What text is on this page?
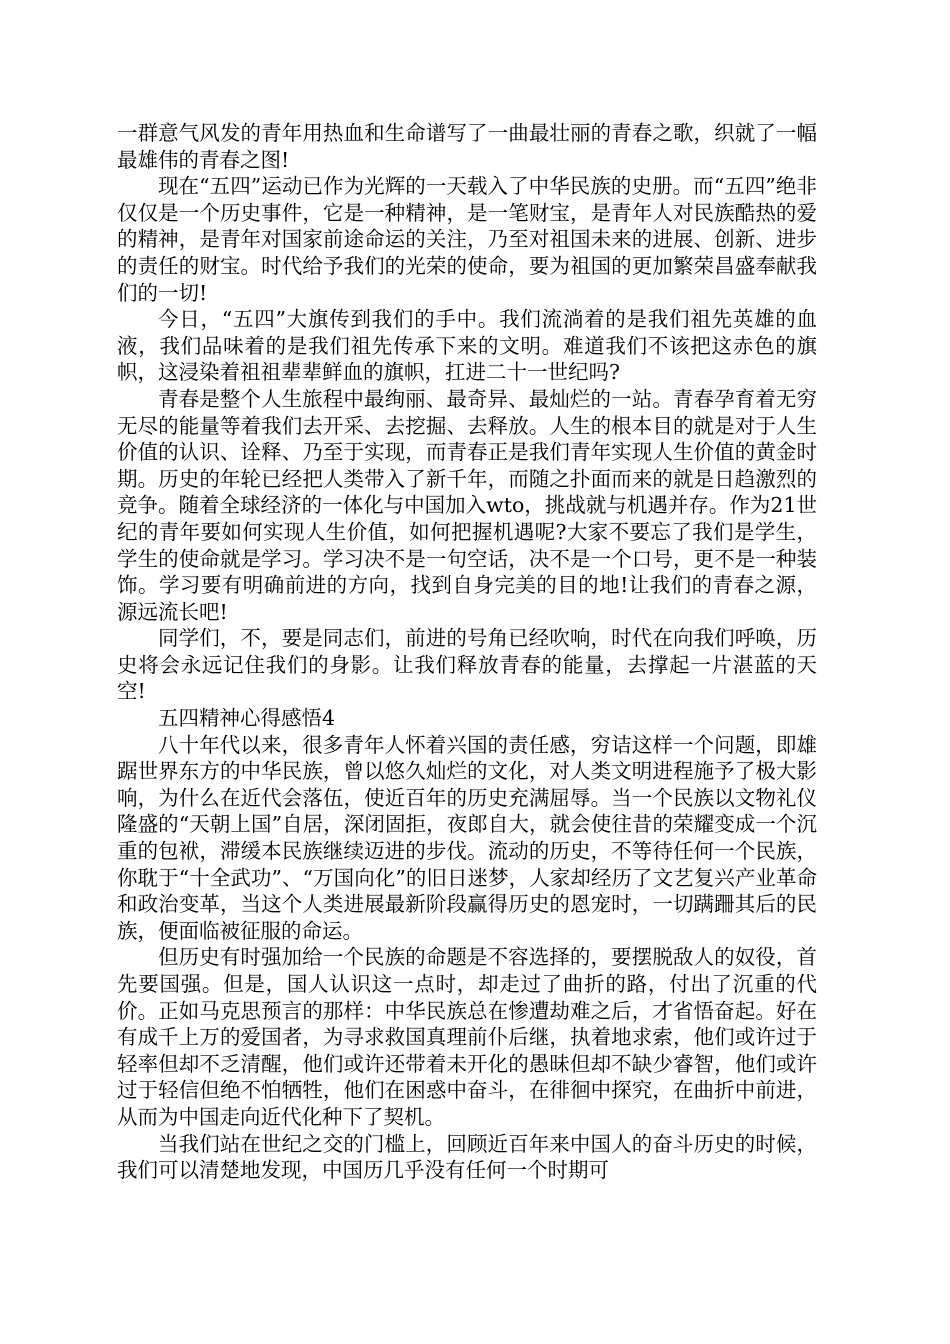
一群意气风发的青年用热血和生命谱写了一曲最壮丽的青春之歌，织就了一幅最雄伟的青春之图!

现在“五四”运动已作为光辉的一天载入了中华民族的史册。而“五四”绝非仅仅是一个历史事件，它是一种精神，是一笔财宝，是青年人对民族酷热的爱的精神，是青年对国家前途命运的关注，乃至对祖国未来的进展、创新、进步的责任的财宝。时代给予我们的光荣的使命，要为祖国的更加繁荣昌盛奉献我们的一切!

今日，“五四”大旗传到我们的手中。我们流淌着的是我们祖先英雄的血液，我们品味着的是我们祖先传承下来的文明。难道我们不该把这赤色的旗帜，这浸染着祖祖辈辈鲜血的旗帜，扛进二十一世纪吗?

青春是整个人生旅程中最绚丽、最奇异、最灿烂的一站。青春孕育着无穷无尽的能量等着我们去开采、去挖掘、去释放。人生的根本目的就是对于人生价值的认识、诠释、乃至于实现，而青春正是我们青年实现人生价值的黄金时期。历史的年轮已经把人类带入了新千年，而随之扑面而来的就是日趋激烈的竞争。随着全球经济的一体化与中国加入wto，挑战就与机遇并存。作为21世纪的青年要如何实现人生价值，如何把握机遇呢?大家不要忘了我们是学生，学生的使命就是学习。学习决不是一句空话，决不是一个口号，更不是一种装饰。学习要有明确前进的方向，找到自身完美的目的地!让我们的青春之源，源远流长吧!

同学们，不，要是同志们，前进的号角已经吹响，时代在向我们呼唤，历史将会永远记住我们的身影。让我们释放青春的能量，去撑起一片湛蓝的天空!

五四精神心得感悟4

八十年代以来，很多青年人怀着兴国的责任感，穷诘这样一个问题，即雄踞世界东方的中华民族，曾以悠久灿烂的文化，对人类文明进程施予了极大影响，为什么在近代会落伍，使近百年的历史充满屈辱。当一个民族以文物礼仪隆盛的“天朝上国”自居，深闭固拒，夜郎自大，就会使往昔的荣耀变成一个沉重的包袱，滞缓本民族继续迈进的步伐。流动的历史，不等待任何一个民族，你耽于“十全武功”、“万国向化”的旧日迷梦，人家却经历了文艺复兴产业革命和政治变革，当这个人类进展最新阶段赢得历史的恩宠时，一切蹒跚其后的民族，便面临被征服的命运。

但历史有时强加给一个民族的命题是不容选择的，要摆脱敌人的奴役，首先要国强。但是，国人认识这一点时，却走过了曲折的路，付出了沉重的代价。正如马克思预言的那样：中华民族总在惨遭劫难之后，才省悟奋起。好在有成千上万的爱国者，为寻求救国真理前仆后继，执着地求索，他们或许过于轻率但却不乏清醒，他们或许还带着未开化的愚昧但却不缺少睿智，他们或许过于轻信但绝不怕牺牲，他们在困惑中奋斗，在徘徊中探究，在曲折中前进，从而为中国走向近代化种下了契机。

当我们站在世纪之交的门槛上，回顾近百年来中国人的奋斗历史的时候，我们可以清楚地发现，中国历几乎没有任何一个时期可
